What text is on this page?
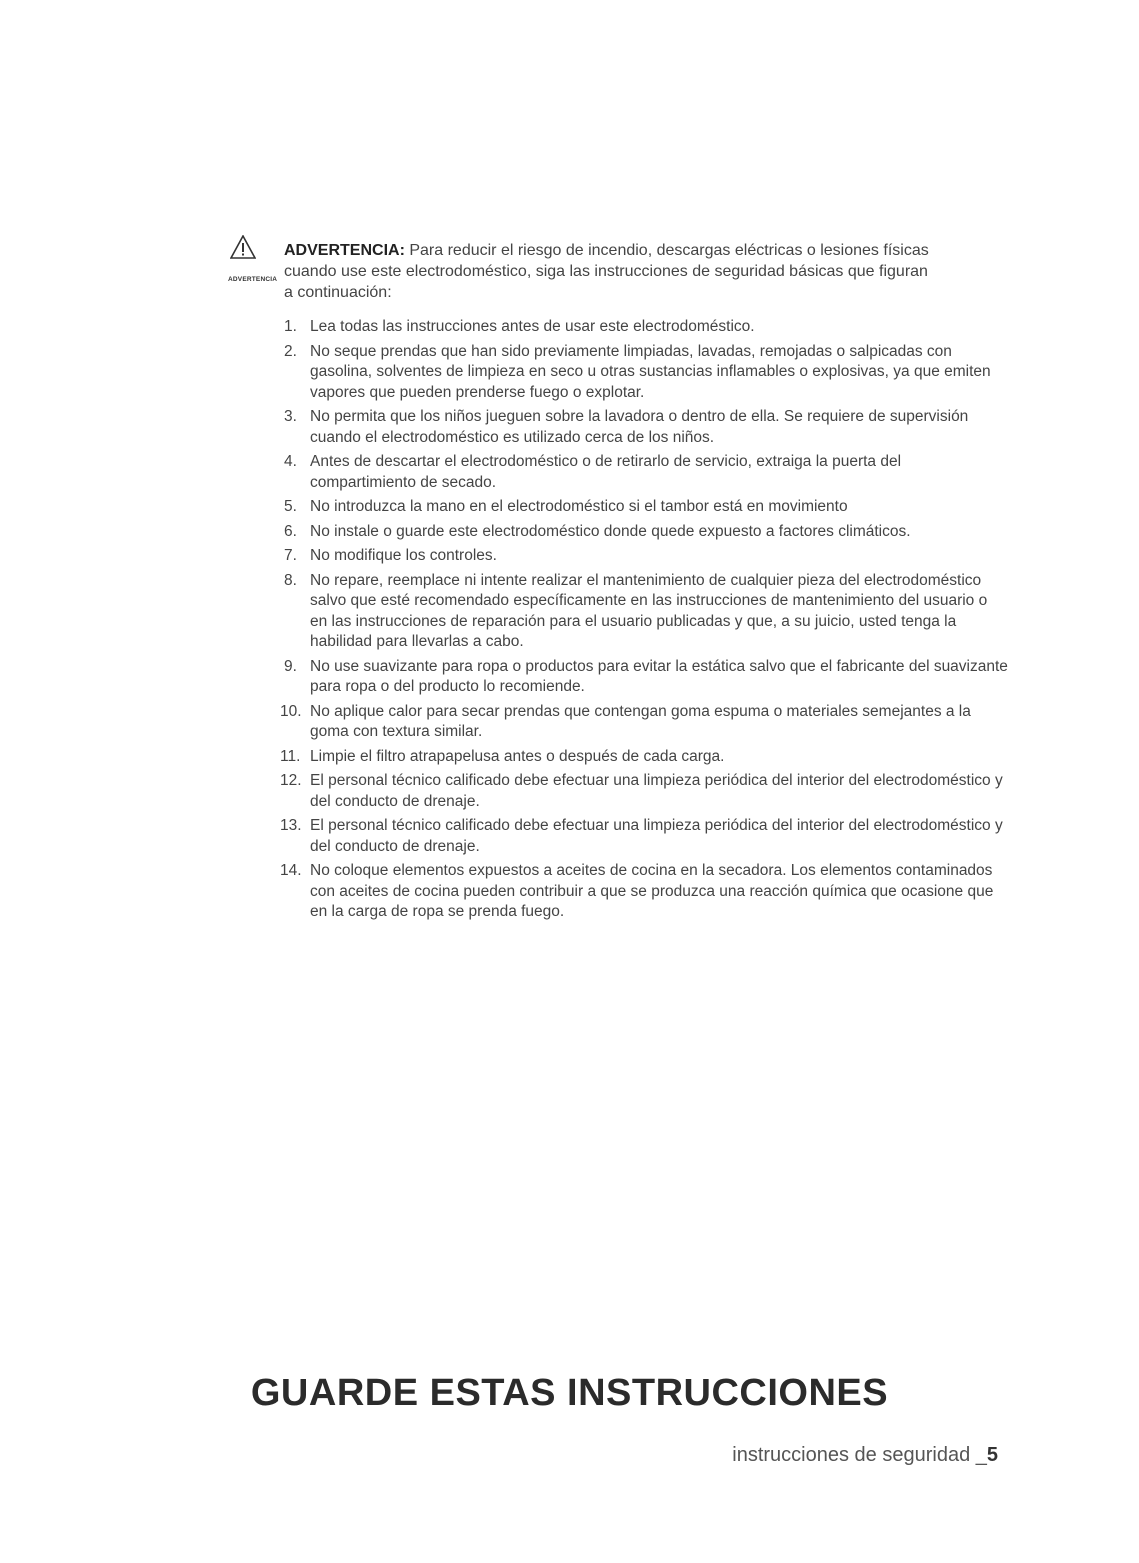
ADVERTENCIA
ADVERTENCIA: Para reducir el riesgo de incendio, descargas eléctricas o lesiones físicas
cuando use este electrodoméstico, siga las instrucciones de seguridad básicas que figuran
a continuación:
1. Lea todas las instrucciones antes de usar este electrodoméstico.
2. No seque prendas que han sido previamente limpiadas, lavadas, remojadas o salpicadas con gasolina, solventes de limpieza en seco u otras sustancias inflamables o explosivas, ya que emiten vapores que pueden prenderse fuego o explotar.
3. No permita que los niños jueguen sobre la lavadora o dentro de ella. Se requiere de supervisión cuando el electrodoméstico es utilizado cerca de los niños.
4. Antes de descartar el electrodoméstico o de retirarlo de servicio, extraiga la puerta del compartimiento de secado.
5. No introduzca la mano en el electrodoméstico si el tambor está en movimiento
6. No instale o guarde este electrodoméstico donde quede expuesto a factores climáticos.
7. No modifique los controles.
8. No repare, reemplace ni intente realizar el mantenimiento de cualquier pieza del electrodoméstico salvo que esté recomendado específicamente en las instrucciones de mantenimiento del usuario o en las instrucciones de reparación para el usuario publicadas y que, a su juicio, usted tenga la habilidad para llevarlas a cabo.
9. No use suavizante para ropa o productos para evitar la estática salvo que el fabricante del suavizante para ropa o del producto lo recomiende.
10. No aplique calor para secar prendas que contengan goma espuma o materiales semejantes a la goma con textura similar.
11. Limpie el filtro atrapapelusa antes o después de cada carga.
12. El personal técnico calificado debe efectuar una limpieza periódica del interior del electrodoméstico y del conducto de drenaje.
13. El personal técnico calificado debe efectuar una limpieza periódica del interior del electrodoméstico y del conducto de drenaje.
14. No coloque elementos expuestos a aceites de cocina en la secadora. Los elementos contaminados con aceites de cocina pueden contribuir a que se produzca una reacción química que ocasione que en la carga de ropa se prenda fuego.
GUARDE ESTAS INSTRUCCIONES
instrucciones de seguridad _5
